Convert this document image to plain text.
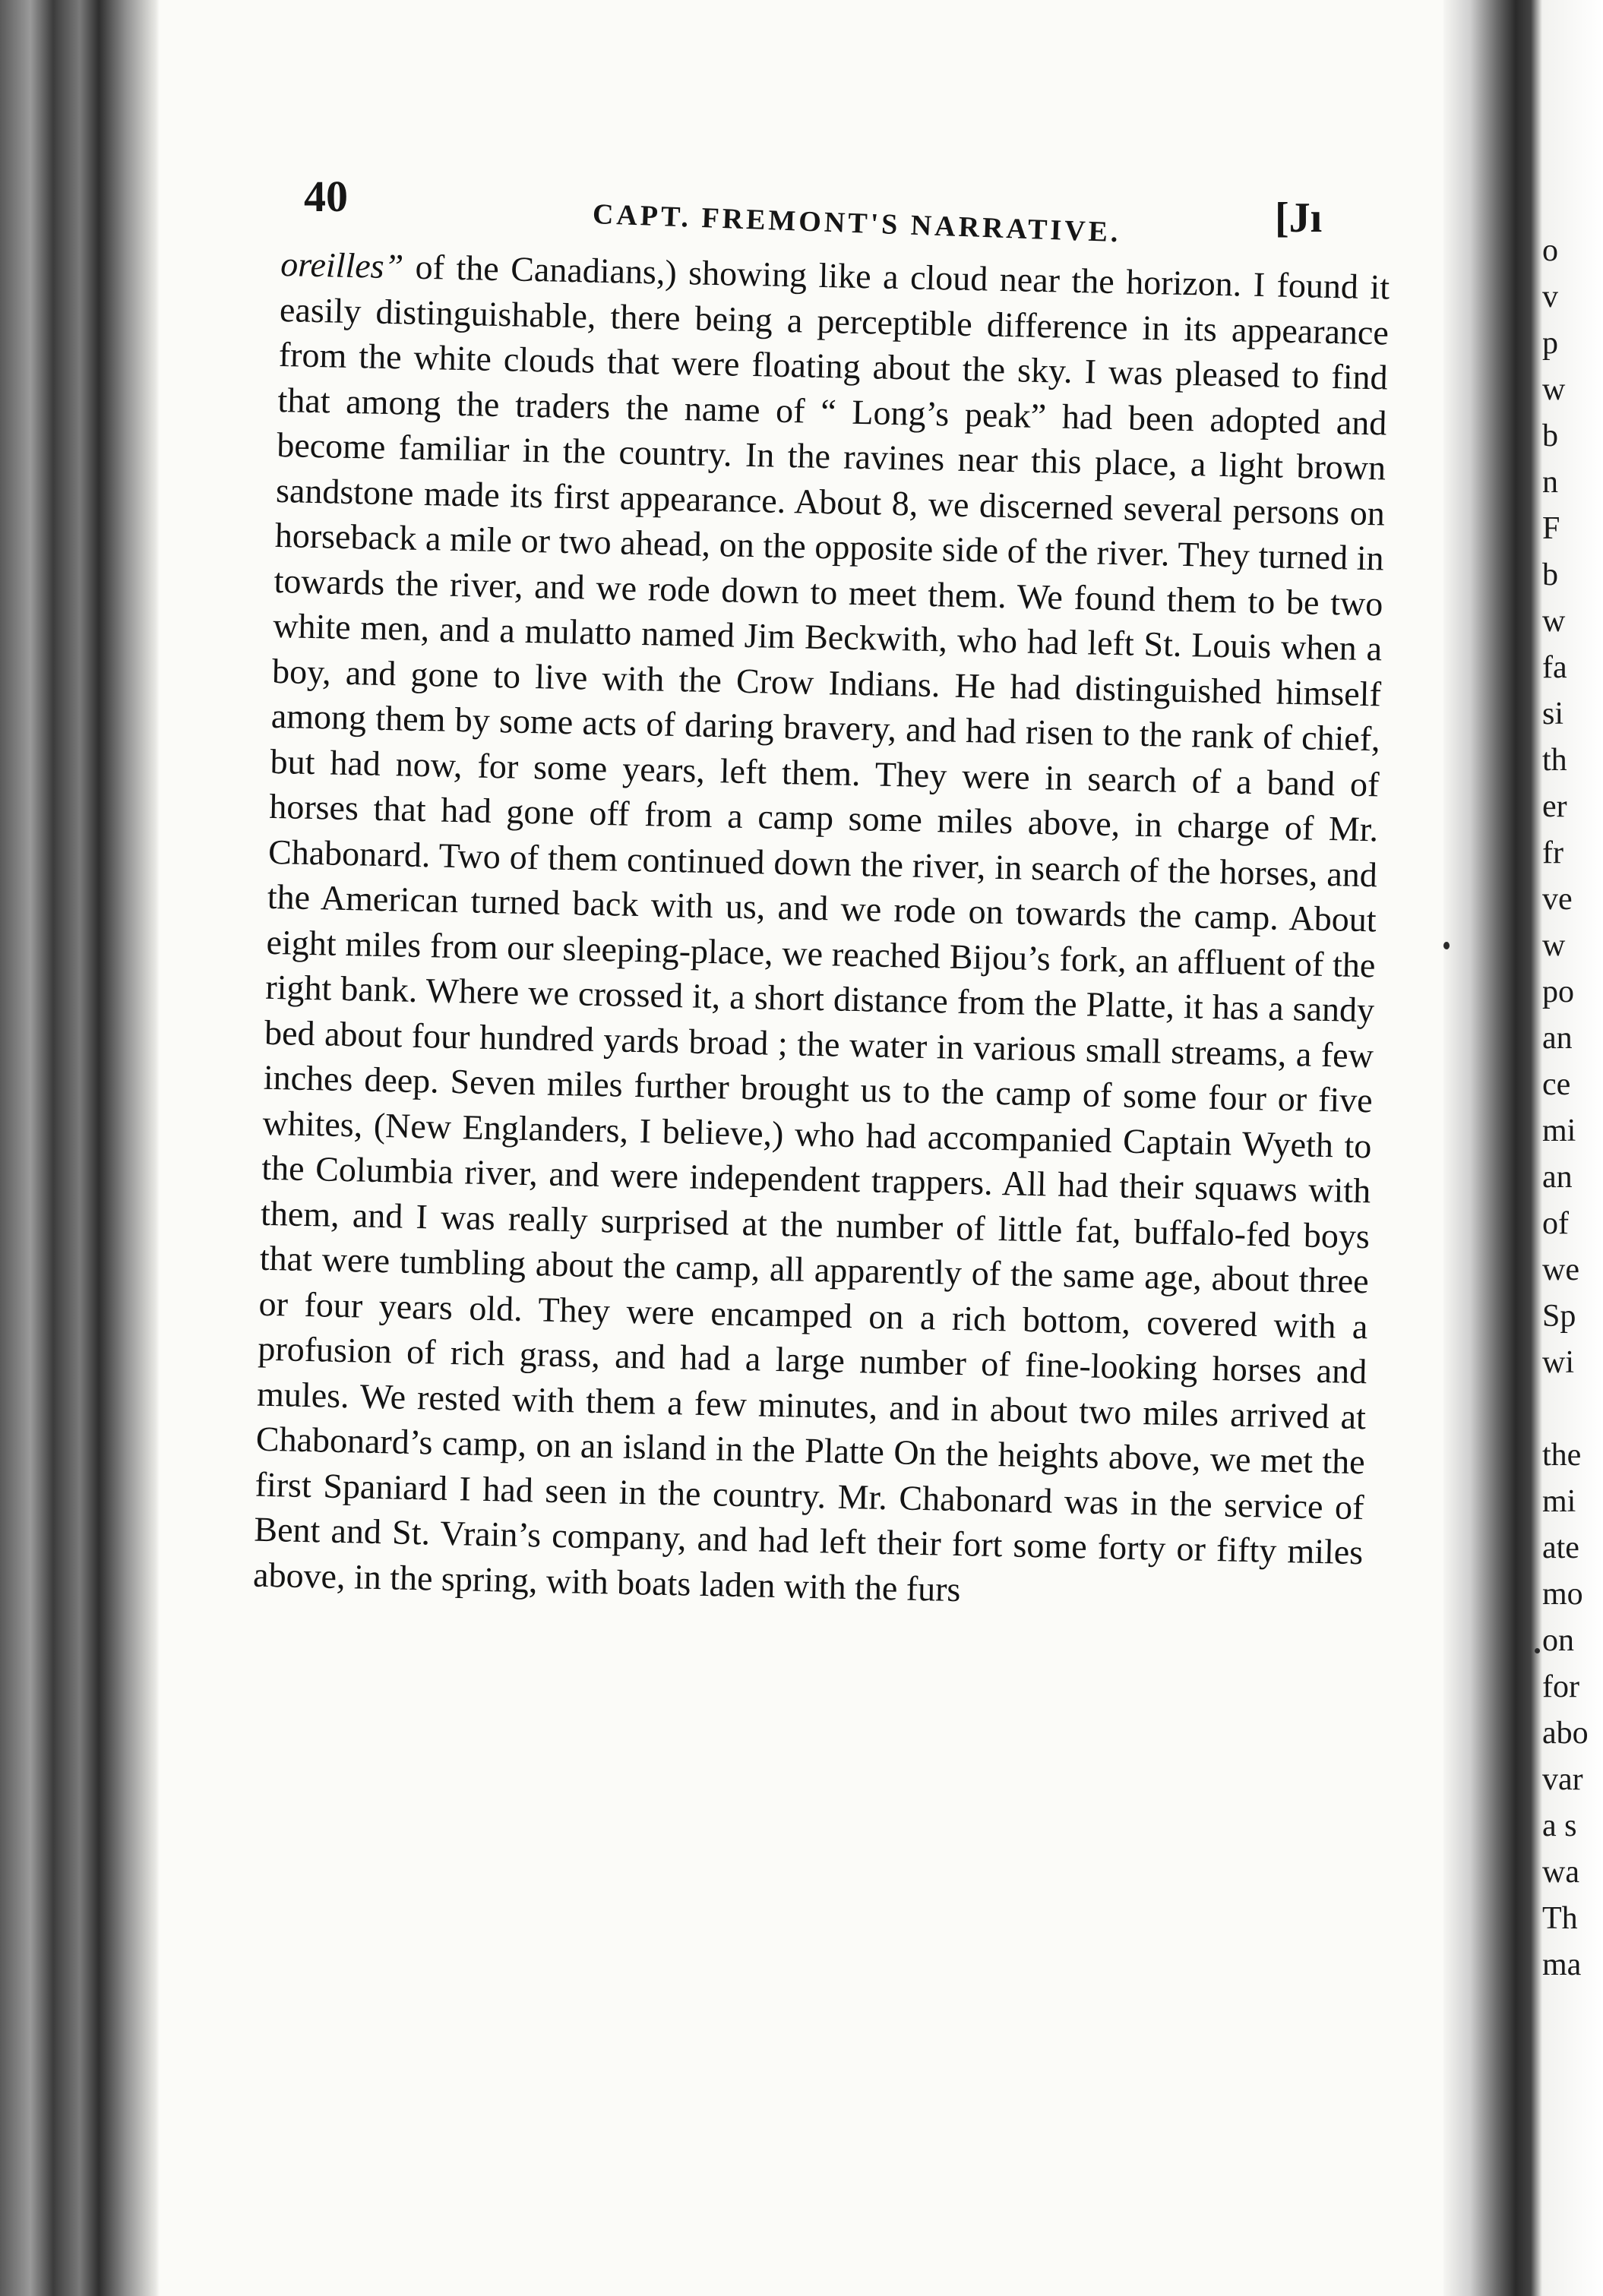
40
CAPT. FREMONT'S NARRATIVE.	[Jı

oreilles” of the Canadians,) showing like a cloud near the horizon. I found it easily distinguishable, there being a perceptible difference in its appearance from the white clouds that were floating about the sky. I was pleased to find that among the traders the name of “ Long’s peak” had been adopted and become familiar in the country. In the ravines near this place, a light brown sandstone made its first appearance. About 8, we discerned several persons on horseback a mile or two ahead, on the opposite side of the river. They turned in towards the river, and we rode down to meet them. We found them to be two white men, and a mulatto named Jim Beckwith, who had left St. Louis when a boy, and gone to live with the Crow Indians. He had distinguished himself among them by some acts of daring bravery, and had risen to the rank of chief, but had now, for some years, left them. They were in search of a band of horses that had gone off from a camp some miles above, in charge of Mr. Chabonard. Two of them continued down the river, in search of the horses, and the American turned back with us, and we rode on towards the camp. About eight miles from our sleeping-place, we reached Bijou’s fork, an affluent of the right bank. Where we crossed it, a short distance from the Platte, it has a sandy bed about four hundred yards broad ; the water in various small streams, a few inches deep. Seven miles further brought us to the camp of some four or five whites, (New Englanders, I believe,) who had accompanied Captain Wyeth to the Columbia river, and were independent trappers. All had their squaws with them, and I was really surprised at the number of little fat, buffalo-fed boys that were tumbling about the camp, all apparently of the same age, about three or four years old. They were encamped on a rich bottom, covered with a profusion of rich grass, and had a large number of fine-looking horses and mules. We rested with them a few minutes, and in about two miles arrived at Chabonard’s camp, on an island in the Platte On the heights above, we met the first Spaniard I had seen in the country. Mr. Chabonard was in the service of Bent and St. Vrain’s company, and had left their fort some forty or fifty miles above, in the spring, with boats laden with the furs

o
v
p
w
b
n
F
b
w
fa
si
th
er
fr
ve
w
po
an
ce
mi
an
of
we
Sp
wi

the
mi
ate
mo
on
for
abo
var
a s
wa
Th
ma
